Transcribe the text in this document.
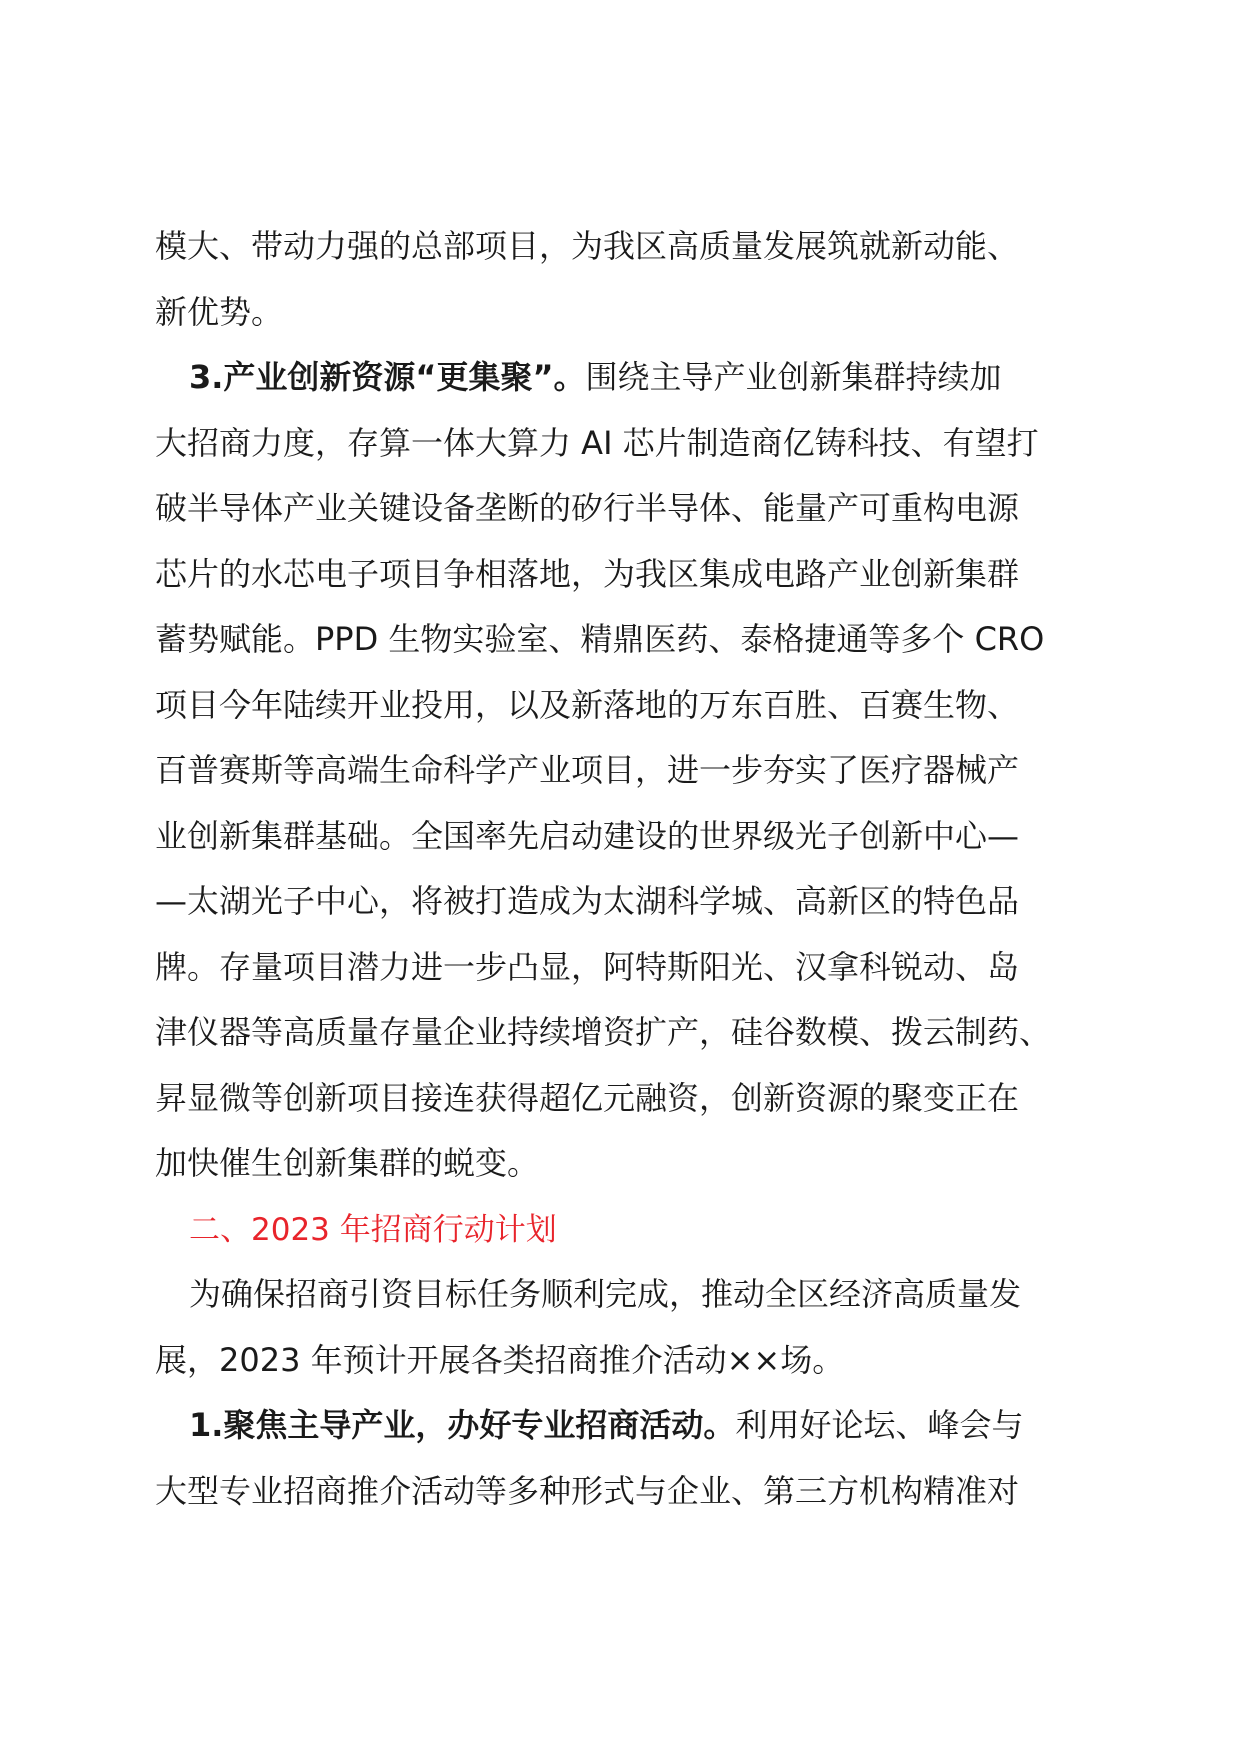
模大、带动力强的总部项目，为我区高质量发展筑就新动能、
新优势。
3.产业创新资源“更集聚”。围绕主导产业创新集群持续加
大招商力度，存算一体大算力 AI 芯片制造商亿铸科技、有望打
破半导体产业关键设备垄断的矽行半导体、能量产可重构电源
芯片的水芯电子项目争相落地，为我区集成电路产业创新集群
蓄势赋能。PPD 生物实验室、精鼎医药、泰格捷通等多个 CRO
项目今年陆续开业投用，以及新落地的万东百胜、百赛生物、
百普赛斯等高端生命科学产业项目，进一步夯实了医疗器械产
业创新集群基础。全国率先启动建设的世界级光子创新中心—
—太湖光子中心，将被打造成为太湖科学城、高新区的特色品
牌。存量项目潜力进一步凸显，阿特斯阳光、汉拿科锐动、岛
津仪器等高质量存量企业持续增资扩产，硅谷数模、拨云制药、
昇显微等创新项目接连获得超亿元融资，创新资源的聚变正在
加快催生创新集群的蜕变。
二、2023 年招商行动计划
为确保招商引资目标任务顺利完成，推动全区经济高质量发
展，2023 年预计开展各类招商推介活动××场。
1.聚焦主导产业，办好专业招商活动。利用好论坛、峰会与
大型专业招商推介活动等多种形式与企业、第三方机构精准对
